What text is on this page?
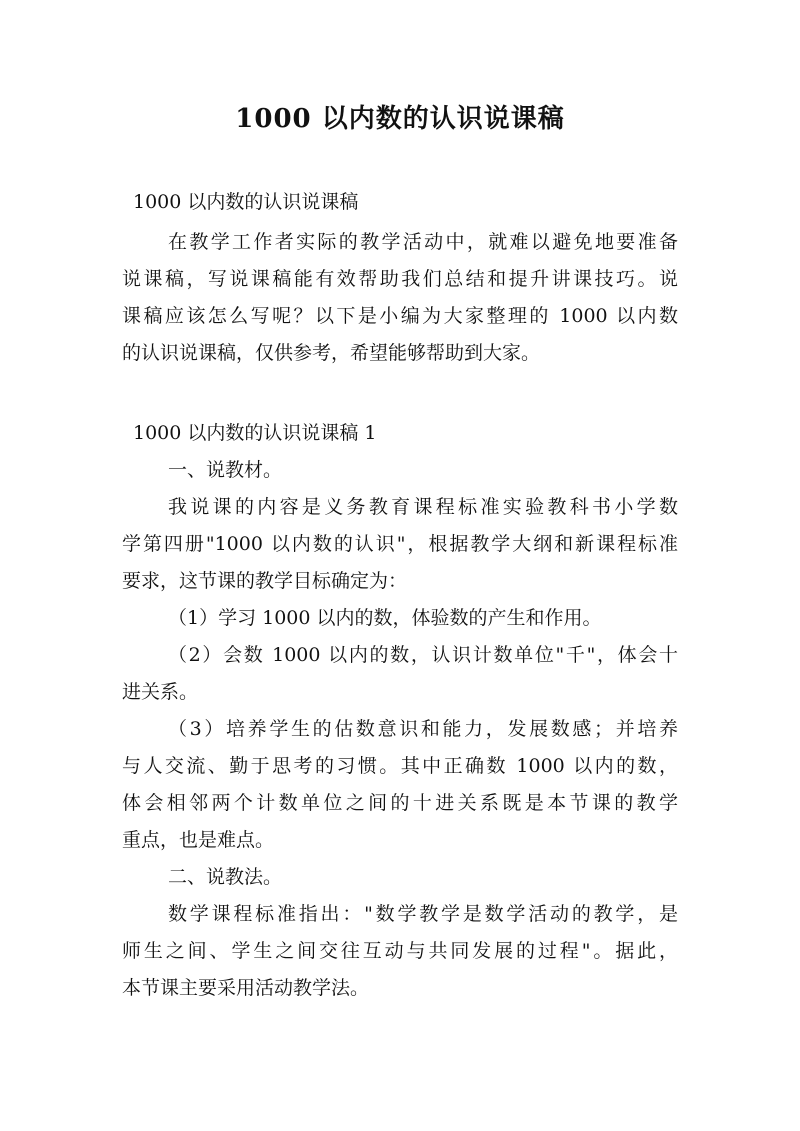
1000 以内数的认识说课稿
1000 以内数的认识说课稿
在教学工作者实际的教学活动中，就难以避免地要准备
说课稿，写说课稿能有效帮助我们总结和提升讲课技巧。说
课稿应该怎么写呢？以下是小编为大家整理的 1000 以内数
的认识说课稿，仅供参考，希望能够帮助到大家。
1000 以内数的认识说课稿 1
一、说教材。
我说课的内容是义务教育课程标准实验教科书小学数
学第四册"1000 以内数的认识"，根据教学大纲和新课程标准
要求，这节课的教学目标确定为：
（1）学习 1000 以内的数，体验数的产生和作用。
（2）会数 1000 以内的数，认识计数单位"千"，体会十
进关系。
（3）培养学生的估数意识和能力，发展数感；并培养
与人交流、勤于思考的习惯。其中正确数 1000 以内的数，
体会相邻两个计数单位之间的十进关系既是本节课的教学
重点，也是难点。
二、说教法。
数学课程标准指出："数学教学是数学活动的教学，是
师生之间、学生之间交往互动与共同发展的过程"。据此，
本节课主要采用活动教学法。
